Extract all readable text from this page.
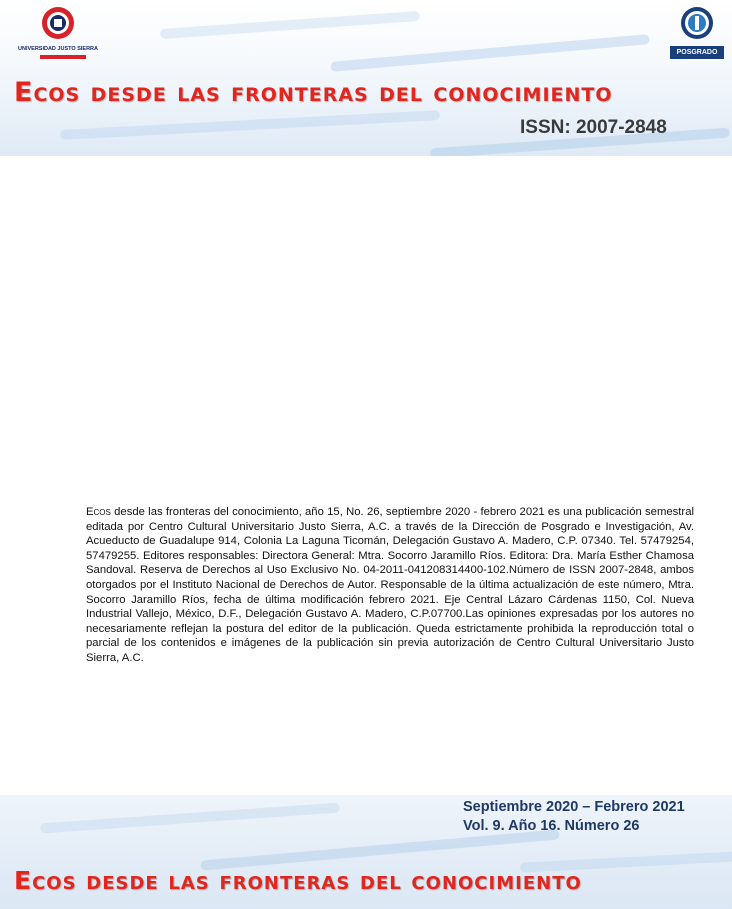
UNIVERSIDAD JUSTO SIERRA	POSGRADO
Ecos desde las fronteras del conocimiento
ISSN: 2007-2848

Ecos desde las fronteras del conocimiento, año 15, No. 26, septiembre 2020 - febrero 2021 es una publicación semestral editada por Centro Cultural Universitario Justo Sierra, A.C. a través de la Dirección de Posgrado e Investigación, Av. Acueducto de Guadalupe 914, Colonia La Laguna Ticomán, Delegación Gustavo A. Madero, C.P. 07340. Tel. 57479254, 57479255. Editores responsables: Directora General: Mtra. Socorro Jaramillo Ríos. Editora: Dra. María Esther Chamosa Sandoval. Reserva de Derechos al Uso Exclusivo No. 04-2011-041208314400-102.Número de ISSN 2007-2848, ambos otorgados por el Instituto Nacional de Derechos de Autor. Responsable de la última actualización de este número, Mtra. Socorro Jaramillo Ríos, fecha de última modificación febrero 2021. Eje Central Lázaro Cárdenas 1150, Col. Nueva Industrial Vallejo, México, D.F., Delegación Gustavo A. Madero, C.P.07700.Las opiniones expresadas por los autores no necesariamente reflejan la postura del editor de la publicación. Queda estrictamente prohibida la reproducción total o parcial de los contenidos e imágenes de la publicación sin previa autorización de Centro Cultural Universitario Justo Sierra, A.C.

Septiembre 2020 – Febrero 2021
Vol. 9. Año 16. Número 26
Ecos desde las fronteras del conocimiento
